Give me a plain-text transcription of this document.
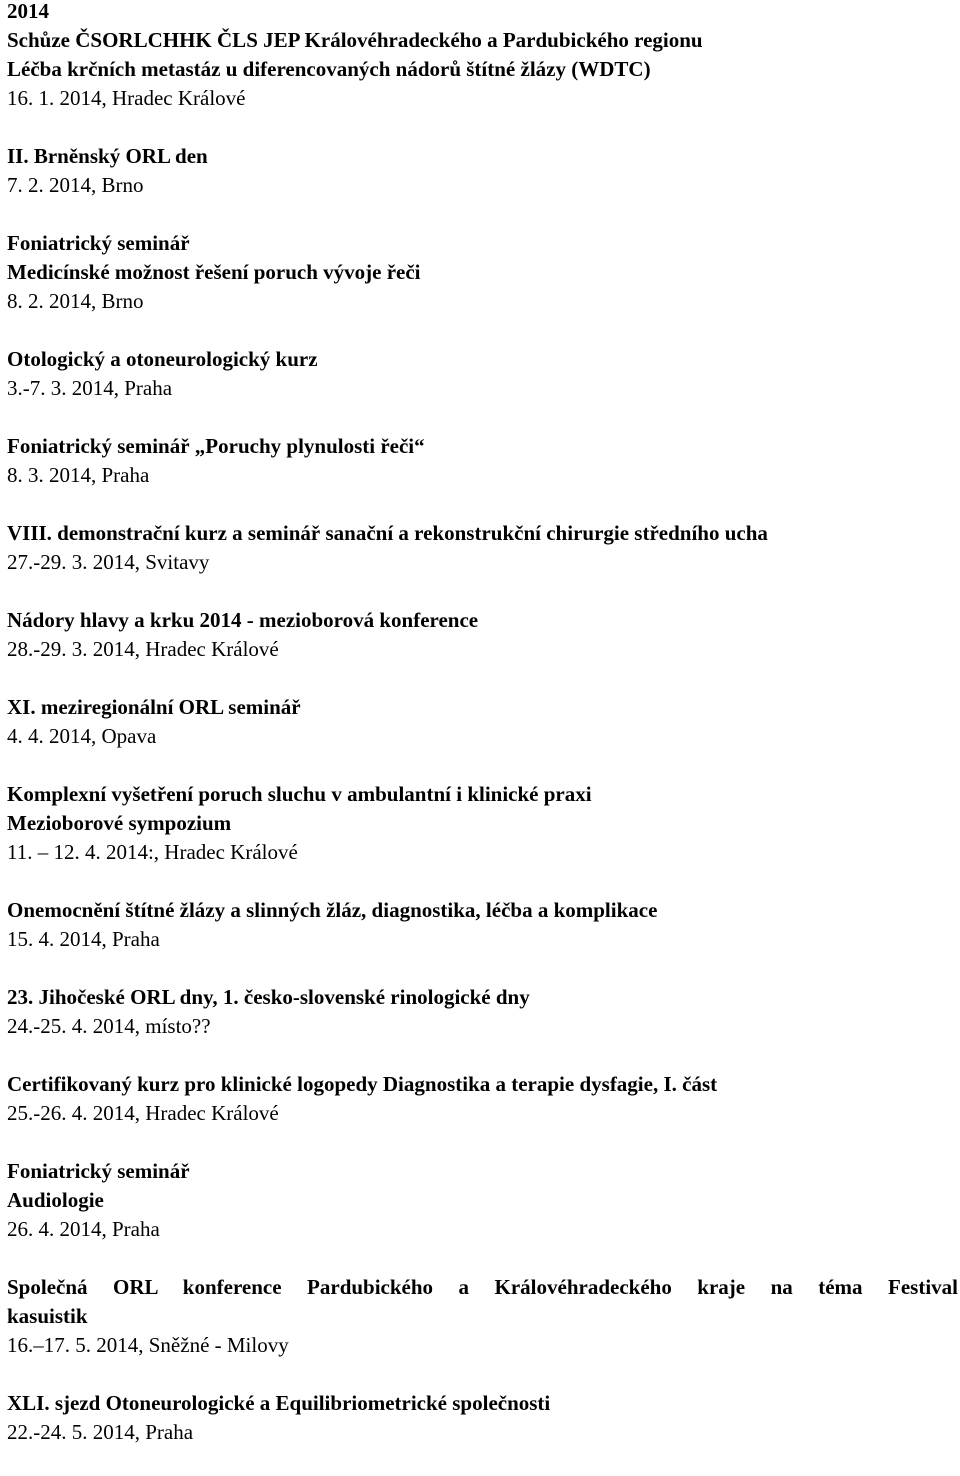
2014
Schůze ČSORLCHHK ČLS JEP Královéhradeckého a Pardubického regionu
Léčba krčních metastáz u diferencovaných nádorů štítné žlázy (WDTC)
16. 1. 2014, Hradec Králové
II. Brněnský ORL den
7. 2. 2014, Brno
Foniatrický seminář
Medicínské možnost řešení poruch vývoje řeči
8. 2. 2014, Brno
Otologický a otoneurologický kurz
3.-7. 3. 2014, Praha
Foniatrický seminář „Poruchy plynulosti řeči“
8. 3. 2014, Praha
VIII. demonstrační kurz a seminář sanační a rekonstrukční chirurgie středního ucha
27.-29. 3. 2014, Svitavy
Nádory hlavy a krku 2014 - mezioborová konference
28.-29. 3. 2014, Hradec Králové
XI. meziregionální ORL seminář
4. 4. 2014, Opava
Komplexní vyšetření poruch sluchu v ambulantní i klinické praxi
Mezioborové sympozium
11. – 12. 4. 2014:, Hradec Králové
Onemocnění štítné žlázy a slinných žláz, diagnostika, léčba a komplikace
15. 4. 2014, Praha
23. Jihočeské ORL dny, 1. česko-slovenské rinologické dny
24.-25. 4. 2014, místo??
Certifikovaný kurz pro klinické logopedy Diagnostika a terapie dysfagie, I. část
25.-26. 4. 2014, Hradec Králové
Foniatrický seminář
Audiologie
26. 4. 2014, Praha
Společná ORL konference Pardubického a Královéhradeckého kraje na téma Festival
kasuistik
16.–17. 5. 2014, Sněžné - Milovy
XLI. sjezd Otoneurologické a Equilibriometrické společnosti
22.-24. 5. 2014, Praha
